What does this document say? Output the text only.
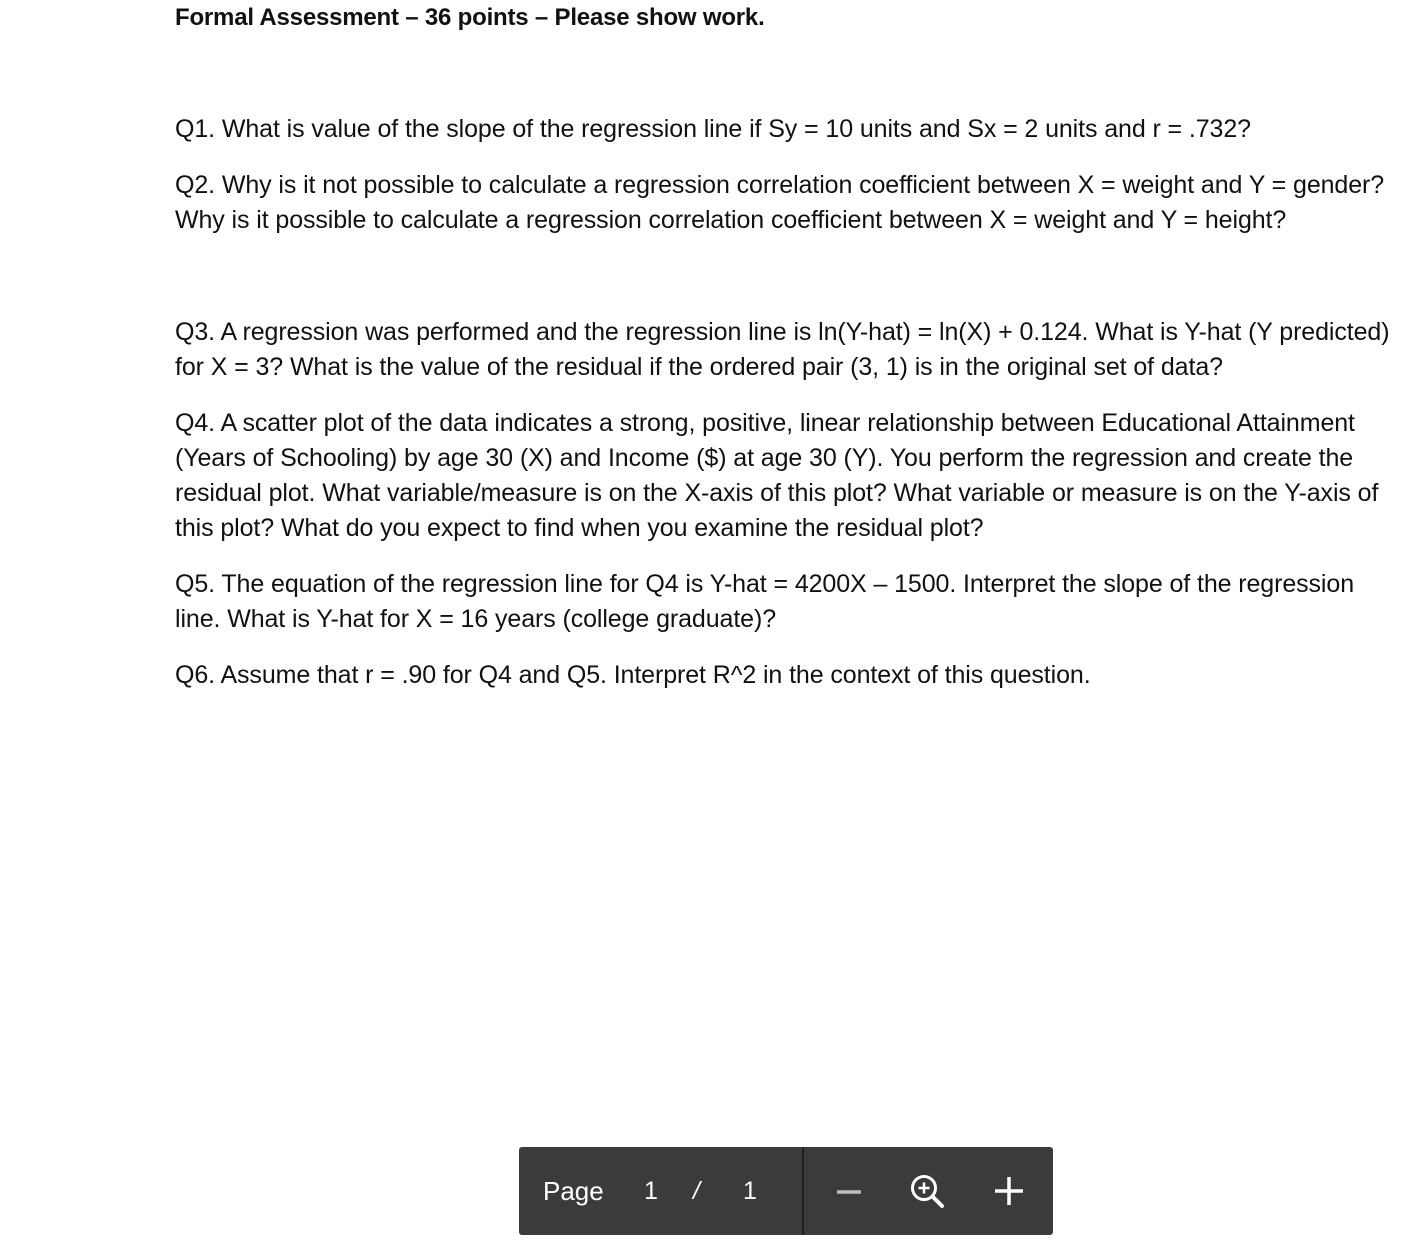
Formal Assessment – 36 points – Please show work.

Q1. What is value of the slope of the regression line if Sy = 10 units and Sx = 2 units and r = .732?

Q2. Why is it not possible to calculate a regression correlation coefficient between X = weight and Y = gender? Why is it possible to calculate a regression correlation coefficient between X = weight and Y = height?

Q3. A regression was performed and the regression line is ln(Y-hat) = ln(X) + 0.124. What is Y-hat (Y predicted) for X = 3? What is the value of the residual if the ordered pair (3, 1) is in the original set of data?

Q4. A scatter plot of the data indicates a strong, positive, linear relationship between Educational Attainment (Years of Schooling) by age 30 (X) and Income ($) at age 30 (Y). You perform the regression and create the residual plot. What variable/measure is on the X-axis of this plot? What variable or measure is on the Y-axis of this plot? What do you expect to find when you examine the residual plot?

Q5. The equation of the regression line for Q4 is Y-hat = 4200X – 1500. Interpret the slope of the regression line. What is Y-hat for X = 16 years (college graduate)?

Q6. Assume that r = .90 for Q4 and Q5. Interpret R^2 in the context of this question.

Page 1 / 1
